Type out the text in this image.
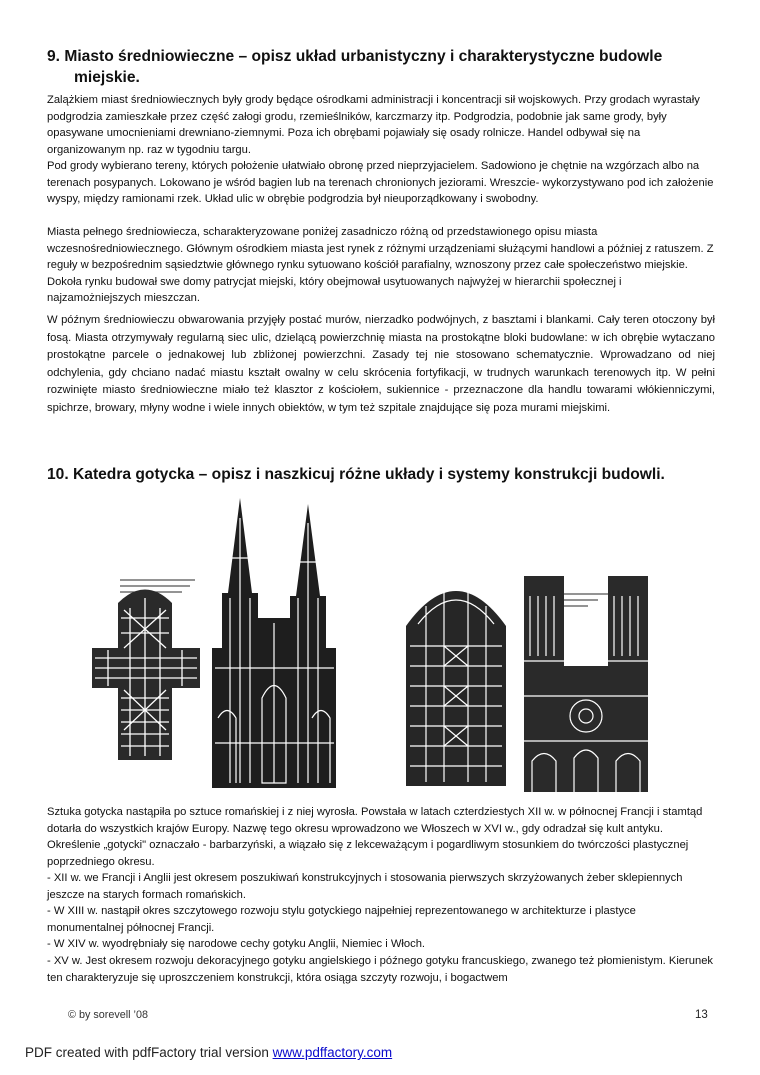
9. Miasto średniowieczne – opisz układ urbanistyczny i charakterystyczne budowle
miejskie.

Zalążkiem miast średniowiecznych były grody będące ośrodkami administracji i koncentracji sił wojskowych. Przy grodach wyrastały podgrodzia zamieszkałe przez część załogi grodu, rzemieślników, karczmarzy itp. Podgrodzia, podobnie jak same grody, były opasywane umocnieniami drewniano-ziemnymi. Poza ich obrębami pojawiały się osady rolnicze. Handel odbywał się na organizowanym np. raz w tygodniu targu.

Pod grody wybierano tereny, których położenie ułatwiało obronę przed nieprzyjacielem. Sadowiono je chętnie na wzgórzach albo na terenach posypanych. Lokowano je wśród bagien lub na terenach chronionych jeziorami. Wreszcie- wykorzystywano pod ich założenie wyspy, między ramionami rzek. Układ ulic w obrębie podgrodzia był nieuporządkowany i swobodny.

Miasta pełnego średniowiecza, scharakteryzowane poniżej zasadniczo różną od przedstawionego opisu miasta wczesnośredniowiecznego. Głównym ośrodkiem miasta jest rynek z różnymi urządzeniami służącymi handlowi a później z ratuszem. Z reguły w bezpośrednim sąsiedztwie głównego rynku sytuowano kościół parafialny, wznoszony przez całe społeczeństwo miejskie. Dokoła rynku budował swe domy patrycjat miejski, który obejmował usytuowanych najwyżej w hierarchii społecznej i najzamożniejszych mieszczan.

W późnym średniowieczu obwarowania przyjęły postać murów, nierzadko podwójnych, z basztami i blankami. Cały teren otoczony był fosą. Miasta otrzymywały regularną siec ulic, dzielącą powierzchnię miasta na prostokątne bloki budowlane: w ich obrębie wytaczano prostokątne parcele o jednakowej lub zbliżonej powierzchni. Zasady tej nie stosowano schematycznie. Wprowadzano od niej odchylenia, gdy chciano nadać miastu kształt owalny w celu skrócenia fortyfikacji, w trudnych warunkach terenowych itp. W pełni rozwinięte miasto średniowieczne miało też klasztor z kościołem, sukiennice - przeznaczone dla handlu towarami włókienniczymi, spichrze, browary, młyny wodne i wiele innych obiektów, w tym też szpitale znajdujące się poza murami miejskimi.

10. Katedra gotycka – opisz i naszkicuj różne układy i systemy konstrukcji budowli.

Sztuka gotycka nastąpiła po sztuce romańskiej i z niej wyrosła. Powstała w latach czterdziestych XII w. w północnej Francji i stamtąd dotarła do wszystkich krajów Europy. Nazwę tego okresu wprowadzono we Włoszech w XVI w., gdy odradzał się kult antyku. Określenie „gotycki" oznaczało - barbarzyński, a wiązało się z lekceważącym i pogardliwym stosunkiem do twórczości plastycznej poprzedniego okresu.

- XII w. we Francji i Anglii jest okresem poszukiwań konstrukcyjnych i stosowania pierwszych skrzyżowanych żeber sklepiennych jeszcze na starych formach romańskich.

- W XIII w. nastąpił okres szczytowego rozwoju stylu gotyckiego najpełniej reprezentowanego w architekturze i plastyce monumentalnej północnej Francji.

- W XIV w. wyodrębniały się narodowe cechy gotyku Anglii, Niemiec i Włoch.

- XV w. Jest okresem rozwoju dekoracyjnego gotyku angielskiego i późnego gotyku francuskiego, zwanego też płomienistym. Kierunek ten charakteryzuje się uproszczeniem konstrukcji, która osiąga szczyty rozwoju, i bogactwem

© by sorevell ’08	13
PDF created with pdfFactory trial version www.pdffactory.com
